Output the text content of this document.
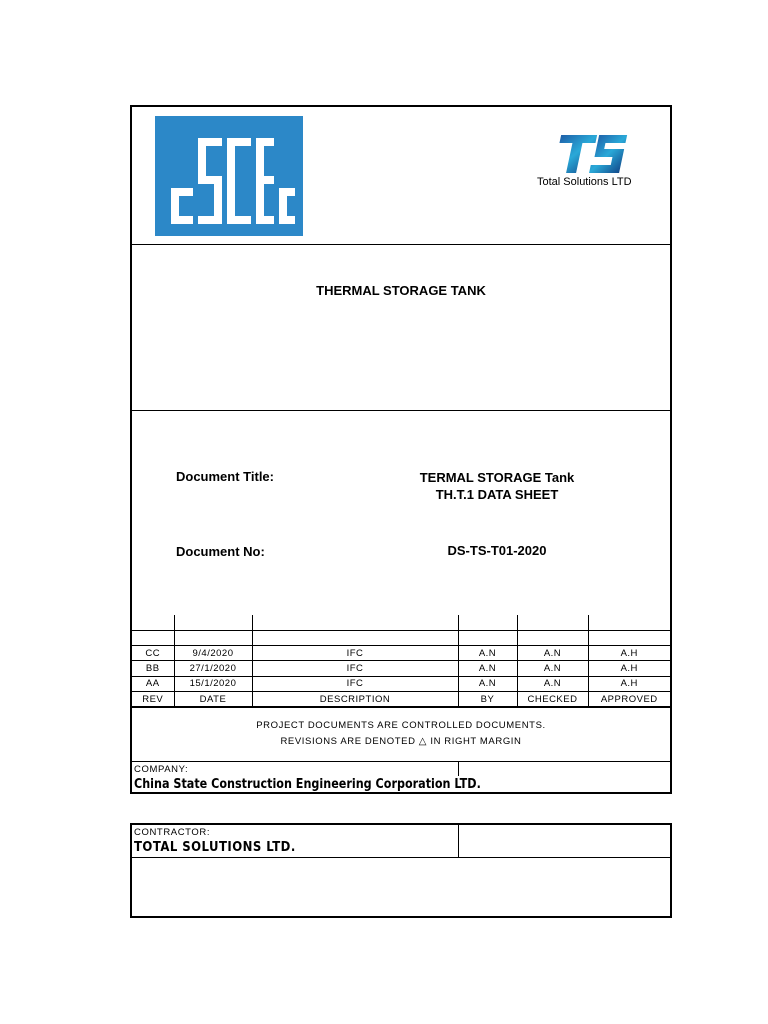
Total Solutions LTD
THERMAL STORAGE TANK
Document Title:	TERMAL STORAGE Tank
TH.T.1 DATA SHEET
Document No:	DS-TS-T01-2020

CC	9/4/2020	IFC	A.N	A.N	A.H
BB	27/1/2020	IFC	A.N	A.N	A.H
AA	15/1/2020	IFC	A.N	A.N	A.H
REV	DATE	DESCRIPTION	BY	CHECKED	APPROVED
PROJECT DOCUMENTS ARE CONTROLLED DOCUMENTS.
REVISIONS ARE DENOTED △ IN RIGHT MARGIN
COMPANY:
China State Construction Engineering Corporation LTD.
CONTRACTOR:
TOTAL SOLUTIONS LTD.
